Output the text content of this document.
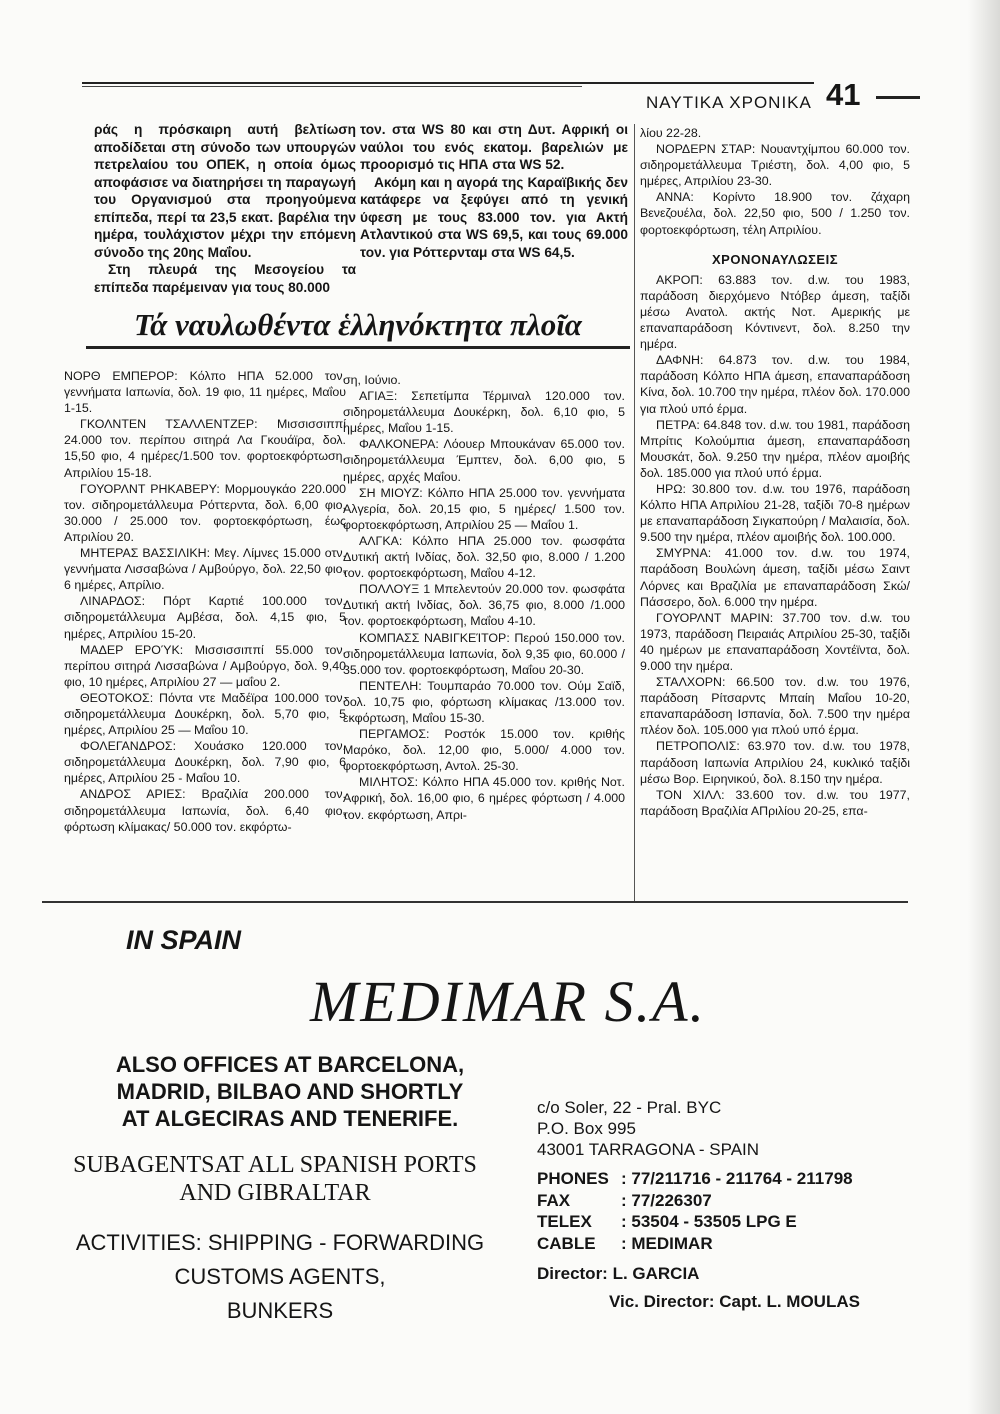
ΝΑΥΤΙΚΑ ΧΡΟΝΙΚΑ 41

ράς η πρόσκαιρη αυτή βελτίωση αποδίδεται στη σύνοδο των υπουργών πετρελαίου του ΟΠΕΚ, η οποία όμως αποφάσισε να διατηρήσει τη παραγωγή του Οργανισμού στα προηγούμενα επίπεδα, περί τα 23,5 εκατ. βαρέλια την ημέρα, τουλάχιστον μέχρι την επόμενη σύνοδο της 20ης Μαΐου.

Στη πλευρά της Μεσογείου τα επίπεδα παρέμειναν για τους 80.000

τον. στα WS 80 και στη Δυτ. Αφρική οι ναύλοι του ενός εκατομ. βαρελιών με προορισμό τις ΗΠΑ στα WS 52.

Ακόμη και η αγορά της Καραϊβικής δεν κατάφερε να ξεφύγει από τη γενική ύφεση με τους 83.000 τον. για Ακτή Ατλαντικού στα WS 69,5, και τους 69.000 τον. για Ρόττερνταμ στα WS 64,5.

Τά ναυλωθέντα ἑλληνόκτητα πλοῖα

ΝΟΡΘ ΕΜΠΕΡΟΡ: Κόλπο ΗΠΑ 52.000 τον. γεννήματα Ιαπωνία, δολ. 19 φιο, 11 ημέρες, Μαΐου 1-15.

ΓΚΟΛΝΤΕΝ ΤΣΑΛΛΕΝΤΖΕΡ: Μισσισσιππί 24.000 τον. περίπου σιτηρά Λα Γκουάϊρα, δολ. 15,50 φιο, 4 ημέρες/1.500 τον. φορτοεκφόρτωση, Απριλίου 15-18.

ΓΟΥΟΡΛΝΤ ΡΗΚΑΒΕΡΥ: Μορμουγκάο 220.000 τον. σιδηρομετάλλευμα Ρόττερντα, δολ. 6,00 φιο, 30.000 / 25.000 τον. φορτοεκφόρτωση, έως Απριλίου 20.

ΜΗΤΕΡΑΣ ΒΑΣΣΙΛΙΚΗ: Μεγ. Λίμνες 15.000 οτν. γεννήματα Λισσαβώνα / Αμβούργο, δολ. 22,50 φιο, 6 ημέρες, Απρίλιο.

ΛΙΝΑΡΔΟΣ: Πόρτ Καρτιέ 100.000 τον. σιδηρομετάλλευμα Αμβέσα, δολ. 4,15 φιο, 5 ημέρες, Απριλίου 15-20.

ΜΑΔΕΡ ΕΡΟΎΚ: Μισσισσιππί 55.000 τον. περίπου σιτηρά Λισσαβώνα / Αμβούργο, δολ. 9,40 φιο, 10 ημέρες, Απριλίου 27 — μαΐου 2.

ΘΕΟΤΟΚΟΣ: Πόντα ντε Μαδέϊρα 100.000 τον. σιδηρομετάλλευμα Δουκέρκη, δολ. 5,70 φιο, 5 ημέρες, Απριλίου 25 — Μαΐου 10.

ΦΟΛΕΓΑΝΔΡΟΣ: Χουάσκο 120.000 τον. σιδηρομετάλλευμα Δουκέρκη, δολ. 7,90 φιο, 6 ημέρες, Απριλίου 25 - Μαΐου 10.

ΑΝΔΡΟΣ ΑΡΙΕΣ: Βραζιλία 200.000 τον. σιδηρομετάλλευμα Ιαπωνία, δολ. 6,40 φιο, φόρτωση κλίμακας/ 50.000 τον. εκφόρτω-

ση, Ιούνιο.

ΑΓΙΑΞ: Σεπετίμπα Τέρμιναλ 120.000 τον. σιδηρομετάλλευμα Δουκέρκη, δολ. 6,10 φιο, 5 ημέρες, Μαΐου 1-15.

ΦΑΛΚΟΝΕΡΑ: Λόουερ Μπουκάναν 65.000 τον. σιδηρομετάλλευμα Έμπτεν, δολ. 6,00 φιο, 5 ημέρες, αρχές Μαΐου.

ΣΗ ΜΙΟΥΖ: Κόλπο ΗΠΑ 25.000 τον. γεννήματα Αλγερία, δολ. 20,15 φιο, 5 ημέρες/ 1.500 τον. φορτοεκφόρτωση, Απριλίου 25 — Μαΐου 1.

ΑΛΓΚΑ: Κόλπο ΗΠΑ 25.000 τον. φωσφάτα Δυτική ακτή Ινδίας, δολ. 32,50 φιο, 8.000 / 1.200 τον. φορτοεκφόρτωση, Μαΐου 4-12.

ΠΟΛΛΟΥΞ 1 Μπελεντούν 20.000 τον. φωσφάτα Δυτική ακτή Ινδίας, δολ. 36,75 φιο, 8.000 /1.000 τον. φορτοεκφόρτωση, Μαΐου 4-10.

ΚΟΜΠΑΣΣ ΝΑΒΙΓΚΕΊΤΟΡ: Περού 150.000 τον. σιδηρομετάλλευμα Ιαπωνία, δολ 9,35 φιο, 60.000 / 35.000 τον. φορτοεκφόρτωση, Μαΐου 20-30.

ΠΕΝΤΕΛΗ: Τουμπαράο 70.000 τον. Ούμ Σαϊδ, δολ. 10,75 φιο, φόρτωση κλίμακας /13.000 τον. εκφόρτωση, Μαΐου 15-30.

ΠΕΡΓΑΜΟΣ: Ροστόκ 15.000 τον. κριθής Μαρόκο, δολ. 12,00 φιο, 5.000/ 4.000 τον. φορτοεκφόρτωση, Αντολ. 25-30.

ΜΙΛΗΤΟΣ: Κόλπο ΗΠΑ 45.000 τον. κριθής Νοτ. Αφρική, δολ. 16,00 φιο, 6 ημέρες φόρτωση / 4.000 τον. εκφόρτωση, Απρι-

λίου 22-28.

ΝΟΡΔΕΡΝ ΣΤΑΡ: Νουαντχίμπου 60.000 τον. σιδηρομετάλλευμα Τριέστη, δολ. 4,00 φιο, 5 ημέρες, Απριλίου 23-30.

ΑΝΝΑ: Κορίντο 18.900 τον. ζάχαρη Βενεζουέλα, δολ. 22,50 φιο, 500 / 1.250 τον. φορτοεκφόρτωση, τέλη Απριλίου.

ΧΡΟΝΟΝΑΥΛΩΣΕΙΣ

ΑΚΡΟΠ: 63.883 τον. d.w. του 1983, παράδοση διερχόμενο Ντόβερ άμεση, ταξίδι μέσω Ανατολ. ακτής Νοτ. Αμερικής με επαναπαράδοση Κόντινεντ, δολ. 8.250 την ημέρα.

ΔΑΦΝΗ: 64.873 τον. d.w. του 1984, παράδοση Κόλπο ΗΠΑ άμεση, επαναπαράδοση Κίνα, δολ. 10.700 την ημέρα, πλέον δολ. 170.000 για πλού υπό έρμα.

ΠΕΤΡΑ: 64.848 τον. d.w. του 1981, παράδοση Μπρίτις Κολούμπια άμεση, επαναπαράδοση Μουσκάτ, δολ. 9.250 την ημέρα, πλέον αμοιβής δολ. 185.000 για πλού υπό έρμα.

ΗΡΩ: 30.800 τον. d.w. του 1976, παράδοση Κόλπο ΗΠΑ Απριλίου 21-28, ταξίδι 70-8 ημέρων με επαναπαράδοση Σιγκαπούρη / Μαλαισία, δολ. 9.500 την ημέρα, πλέον αμοιβής δολ. 100.000.

ΣΜΥΡΝΑ: 41.000 τον. d.w. του 1974, παράδοση Βουλώνη άμεση, ταξίδι μέσω Σαιντ Λόρνες και Βραζιλία με επαναπαράδοση Σκώ/ Πάσσερο, δολ. 6.000 την ημέρα.

ΓΟΥΟΡΛΝΤ ΜΑΡΙΝ: 37.700 τον. d.w. του 1973, παράδοση Πειραιάς Απριλίου 25-30, ταξίδι 40 ημέρων με επαναπαράδοση Χοντέϊντα, δολ. 9.000 την ημέρα.

ΣΤΑΛΧΟΡΝ: 66.500 τον. d.w. του 1976, παράδοση Ρίτσαρντς Μπαίη Μαΐου 10-20, επαναπαράδοση Ισπανία, δολ. 7.500 την ημέρα πλέον δολ. 105.000 για πλού υπό έρμα.

ΠΕΤΡΟΠΟΛΙΣ: 63.970 τον. d.w. του 1978, παράδοση Ιαπωνία Απριλίου 24, κυκλικό ταξίδι μέσω Βορ. Ειρηνικού, δολ. 8.150 την ημέρα.

ΤΟΝ ΧΙΛΛ: 33.600 τον. d.w. του 1977, παράδοση Βραζιλία ΑΠριλίου 20-25, επα-

IN SPAIN
MEDIMAR S.A.
ALSO OFFICES AT BARCELONA,
MADRID, BILBAO AND SHORTLY
AT ALGECIRAS AND TENERIFE.
SUBAGENTSAT ALL SPANISH PORTS
AND GIBRALTAR
ACTIVITIES: SHIPPING - FORWARDING
CUSTOMS AGENTS,
BUNKERS
c/o Soler, 22 - Pral. BYC
P.O. Box 995
43001 TARRAGONA - SPAIN
PHONES : 77/211716 - 211764 - 211798
FAX	: 77/226307
TELEX	: 53504 - 53505 LPG E
CABLE	: MEDIMAR
Director: L. GARCIA
Vic. Director: Capt. L. MOULAS
